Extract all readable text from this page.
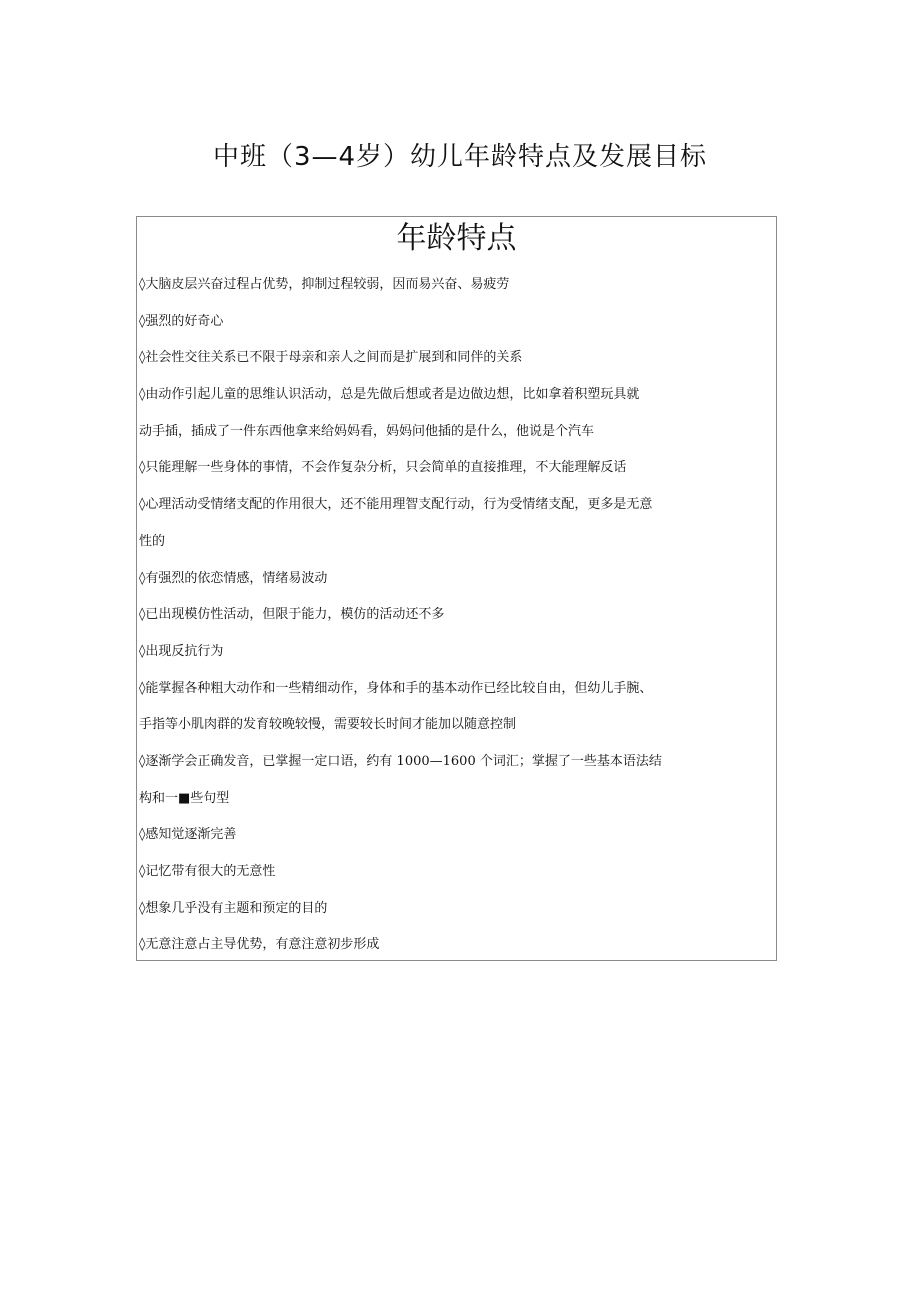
中班（3—4岁）幼儿年龄特点及发展目标
年龄特点
◊大脑皮层兴奋过程占优势，抑制过程较弱，因而易兴奋、易疲劳
◊强烈的好奇心
◊社会性交往关系已不限于母亲和亲人之间而是扩展到和同伴的关系
◊由动作引起儿童的思维认识活动，总是先做后想或者是边做边想，比如拿着积塑玩具就
动手插，插成了一件东西他拿来给妈妈看，妈妈问他插的是什么，他说是个汽车
◊只能理解一些身体的事情，不会作复杂分析，只会简单的直接推理，不大能理解反话
◊心理活动受情绪支配的作用很大，还不能用理智支配行动，行为受情绪支配，更多是无意
性的
◊有强烈的依恋情感，情绪易波动
◊已出现模仿性活动，但限于能力，模仿的活动还不多
◊出现反抗行为
◊能掌握各种粗大动作和一些精细动作，身体和手的基本动作已经比较自由，但幼儿手腕、
手指等小肌肉群的发育较晚较慢，需要较长时间才能加以随意控制
◊逐渐学会正确发音，已掌握一定口语，约有 1000—1600 个词汇；掌握了一些基本语法结
构和一■些句型
◊感知觉逐渐完善
◊记忆带有很大的无意性
◊想象几乎没有主题和预定的目的
◊无意注意占主导优势，有意注意初步形成
